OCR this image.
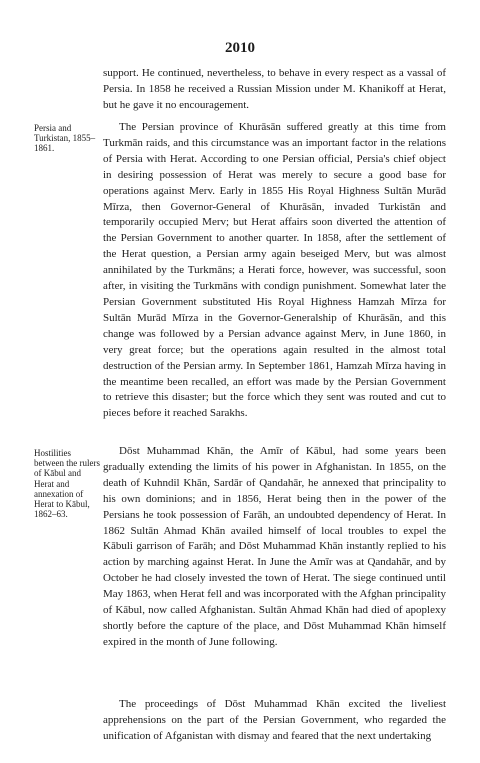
2010
support. He continued, nevertheless, to behave in every respect as a vassal of Persia. In 1858 he received a Russian Mission under M. Khanikoff at Herat, but he gave it no encouragement.
Persia and Turkistan, 1855–1861.
The Persian province of Khurāsān suffered greatly at this time from Turkmān raids, and this circumstance was an important factor in the relations of Persia with Herat. According to one Persian official, Persia's chief object in desiring possession of Herat was merely to secure a good base for operations against Merv. Early in 1855 His Royal Highness Sultān Murād Mīrza, then Governor-General of Khurāsān, invaded Turkistān and temporarily occupied Merv; but Herat affairs soon diverted the attention of the Persian Government to another quarter. In 1858, after the settlement of the Herat question, a Persian army again beseiged Merv, but was almost annihilated by the Turkmāns; a Herati force, however, was successful, soon after, in visiting the Turkmāns with condign punishment. Somewhat later the Persian Government substituted His Royal Highness Hamzah Mīrza for Sultān Murād Mīrza in the Governor-Generalship of Khurāsān, and this change was followed by a Persian advance against Merv, in June 1860, in very great force; but the operations again resulted in the almost total destruction of the Persian army. In September 1861, Hamzah Mīrza having in the meantime been recalled, an effort was made by the Persian Government to retrieve this disaster; but the force which they sent was routed and cut to pieces before it reached Sarakhs.
Hostilities between the rulers of Kābul and Herat and annexation of Herat to Kābul, 1862–63.
Dōst Muhammad Khān, the Amīr of Kābul, had some years been gradually extending the limits of his power in Afghanistan. In 1855, on the death of Kuhndil Khān, Sardār of Qandahār, he annexed that principality to his own dominions; and in 1856, Herat being then in the power of the Persians he took possession of Farāh, an undoubted dependency of Herat. In 1862 Sultān Ahmad Khān availed himself of local troubles to expel the Kābuli garrison of Farāh; and Dōst Muhammad Khān instantly replied to his action by marching against Herat. In June the Amīr was at Qandahār, and by October he had closely invested the town of Herat. The siege continued until May 1863, when Herat fell and was incorporated with the Afghan principality of Kābul, now called Afghanistan. Sultān Ahmad Khān had died of apoplexy shortly before the capture of the place, and Dōst Muhammad Khān himself expired in the month of June following.
The proceedings of Dōst Muhammad Khān excited the liveliest apprehensions on the part of the Persian Government, who regarded the unification of Afganistan with dismay and feared that the next undertaking
